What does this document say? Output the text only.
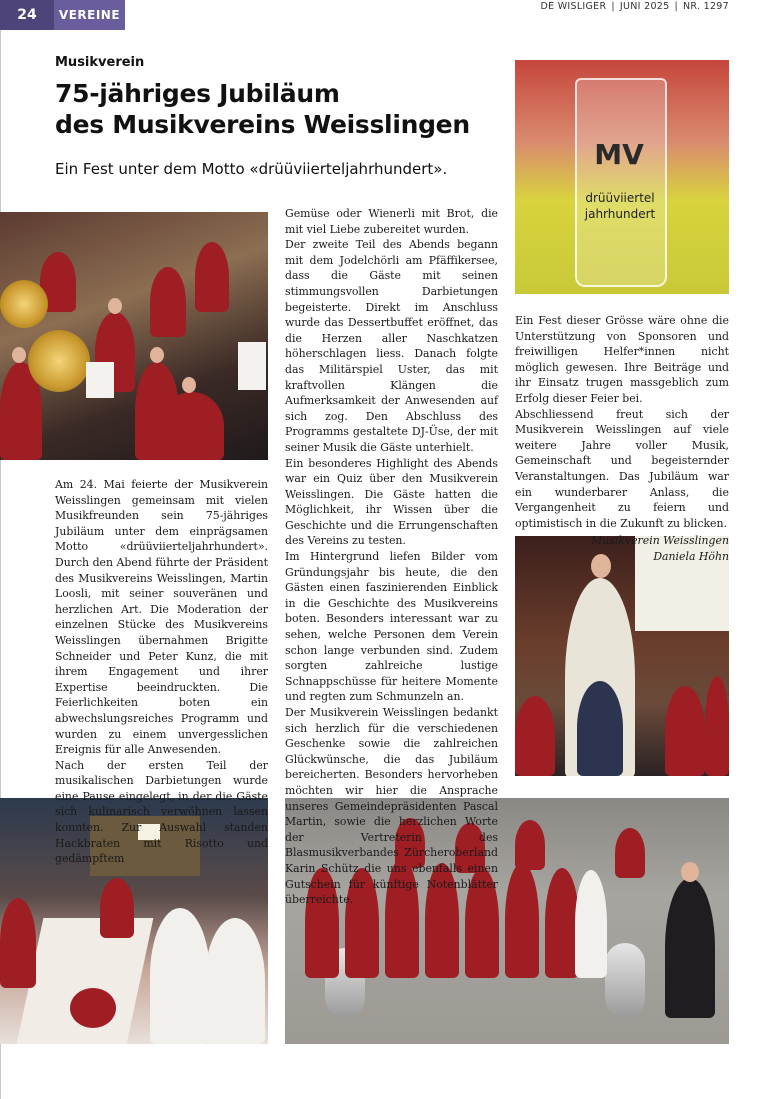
24	VEREINE
DE WISLIGER | JUNI 2025 | NR. 1297
Musikverein
75-jähriges Jubiläum
des Musikvereins Weisslingen
Ein Fest unter dem Motto «drüüviierteljahrhundert».	MV
drüüviiertel
jahrhundert

Am 24. Mai feierte der Musikverein Weisslingen gemeinsam mit vielen Musikfreunden sein 75-jähriges Jubiläum unter dem einprägsamen Motto «drüüviierteljahrhundert». Durch den Abend führte der Präsident des Musikvereins Weisslingen, Martin Loosli, mit seiner souveränen und herzlichen Art. Die Moderation der einzelnen Stücke des Musikvereins Weisslingen übernahmen Brigitte Schneider und Peter Kunz, die mit ihrem Engagement und ihrer Expertise beeindruckten. Die Feierlichkeiten boten ein abwechslungsreiches Programm und wurden zu einem unvergesslichen Ereignis für alle Anwesenden.

Nach der ersten Teil der musikalischen Darbietungen wurde eine Pause eingelegt, in der die Gäste sich kulinarisch verwöhnen lassen konnten. Zur Auswahl standen Hackbraten mit Risotto und gedämpftem

Gemüse oder Wienerli mit Brot, die mit viel Liebe zubereitet wurden.

Der zweite Teil des Abends begann mit dem Jodelchörli am Pfäffikersee, dass die Gäste mit seinen stimmungsvollen Darbietungen begeisterte. Direkt im Anschluss wurde das Dessertbuffet eröffnet, das die Herzen aller Naschkatzen höherschlagen liess. Danach folgte das Militärspiel Uster, das mit kraftvollen Klängen die Aufmerksamkeit der Anwesenden auf sich zog. Den Abschluss des Programms gestaltete DJ-Üse, der mit seiner Musik die Gäste unterhielt.

Ein besonderes Highlight des Abends war ein Quiz über den Musikverein Weisslingen. Die Gäste hatten die Möglichkeit, ihr Wissen über die Geschichte und die Errungenschaften des Vereins zu testen.

Im Hintergrund liefen Bilder vom Gründungsjahr bis heute, die den Gästen einen faszinierenden Einblick in die Geschichte des Musikvereins boten. Besonders interessant war zu sehen, welche Personen dem Verein schon lange verbunden sind. Zudem sorgten zahlreiche lustige Schnappschüsse für heitere Momente und regten zum Schmunzeln an.

Der Musikverein Weisslingen bedankt sich herzlich für die verschiedenen Geschenke sowie die zahlreichen Glückwünsche, die das Jubiläum bereicherten. Besonders hervorheben möchten wir hier die Ansprache unseres Gemeindepräsidenten Pascal Martin, sowie die herzlichen Worte der Vertreterin des Blasmusikverbandes Zürcheroberland Karin Schütz die uns ebenfalls einen Gutschein für künftige Notenblätter überreichte.

Ein Fest dieser Grösse wäre ohne die Unterstützung von Sponsoren und freiwilligen Helfer*innen nicht möglich gewesen. Ihre Beiträge und ihr Einsatz trugen massgeblich zum Erfolg dieser Feier bei.

Abschliessend freut sich der Musikverein Weisslingen auf viele weitere Jahre voller Musik, Gemeinschaft und begeisternder Veranstaltungen. Das Jubiläum war ein wunderbarer Anlass, die Vergangenheit zu feiern und optimistisch in die Zukunft zu blicken.

Musikverein Weisslingen
Daniela Höhn
